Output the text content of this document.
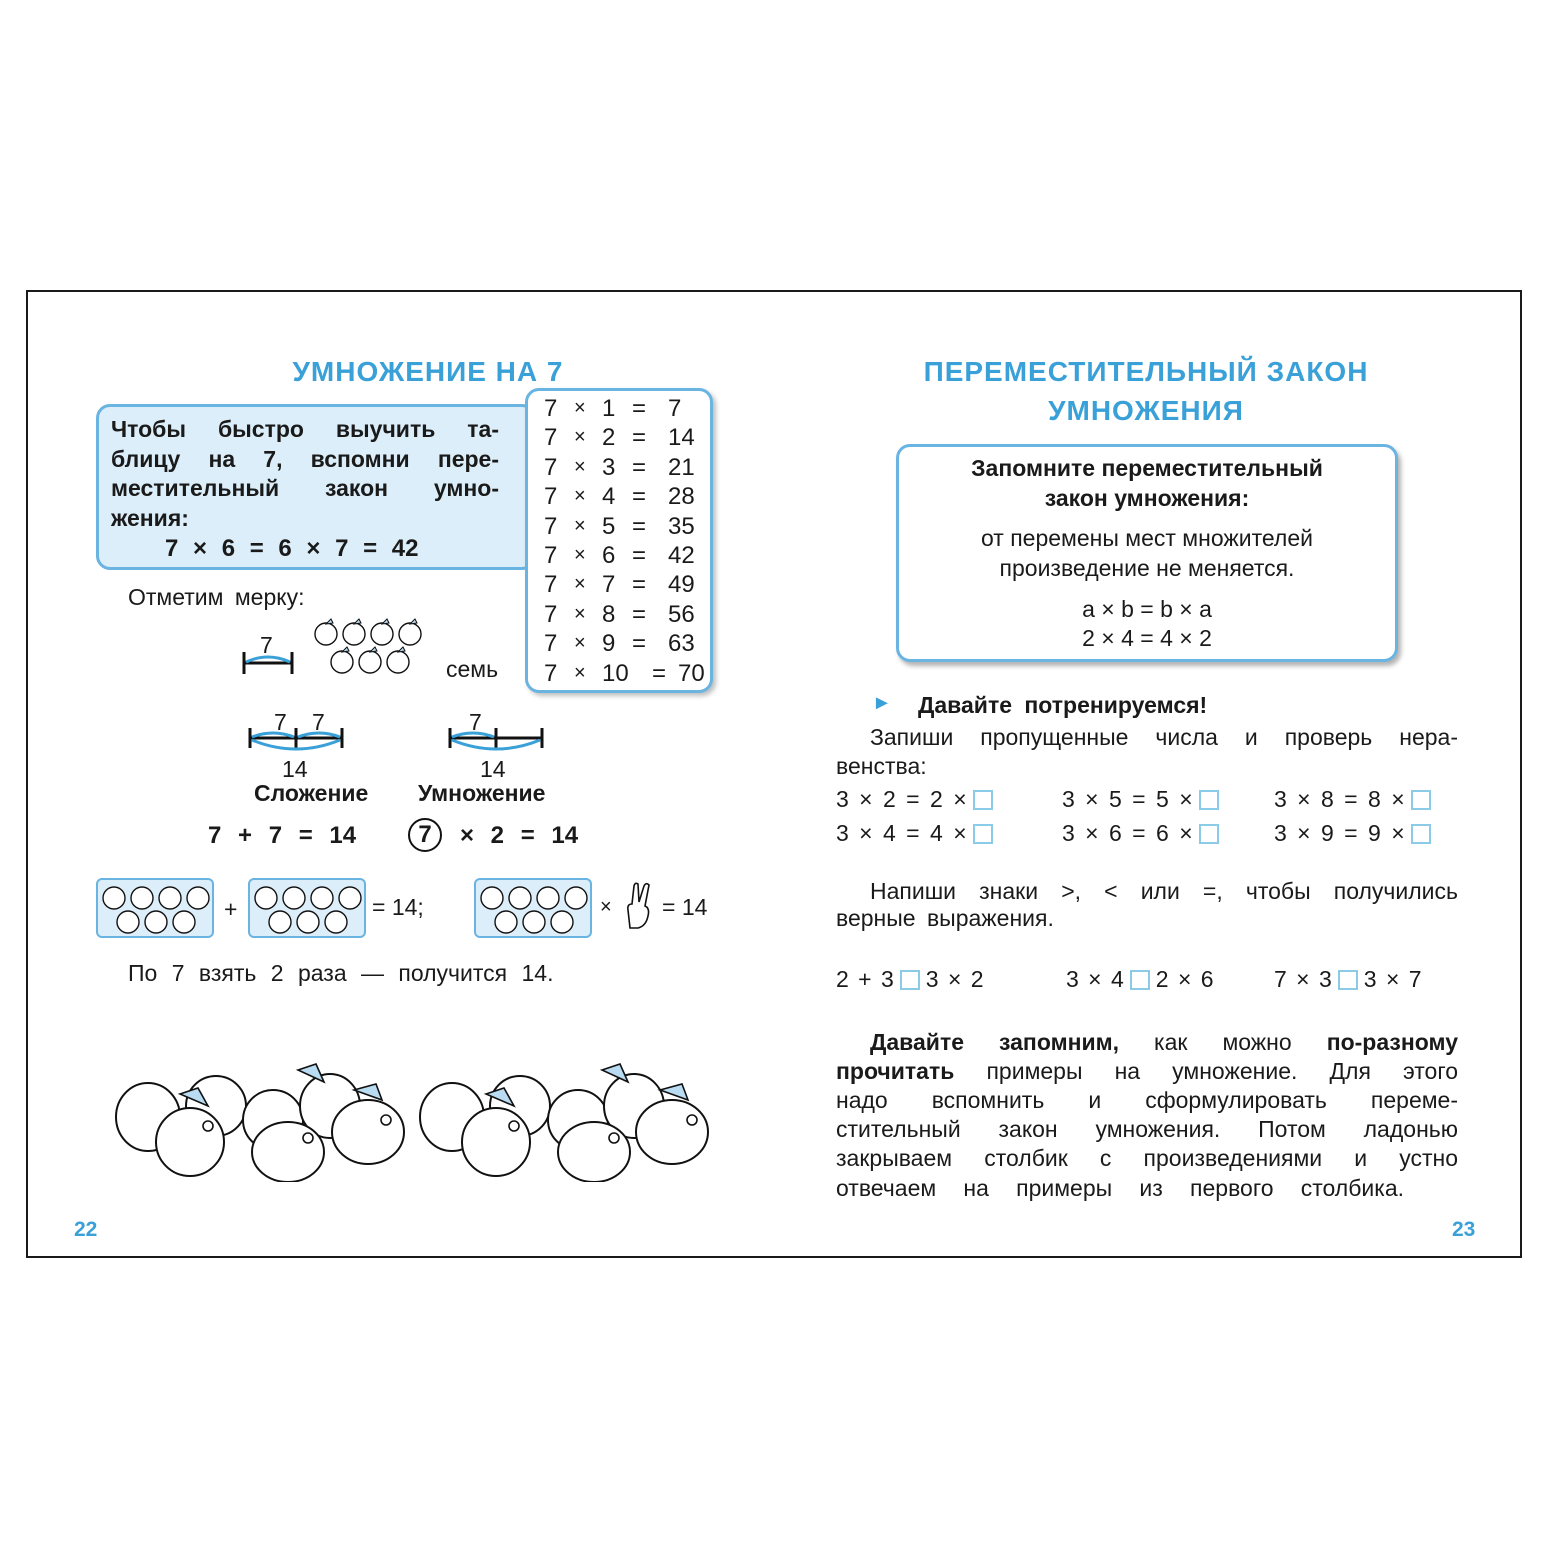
УМНОЖЕНИЕ НА 7
Чтобы быстро выучить та-
блицу на 7, вспомни пере-
местительный закон умно-
жения:
7 × 6 = 6 × 7 = 42
7 × 1 = 7
7 × 2 = 14
7 × 3 = 21
7 × 4 = 28
7 × 5 = 35
7 × 6 = 42
7 × 7 = 49
7 × 8 = 56
7 × 9 = 63
7 × 10 = 70
Отметим мерку:
7
семь
7 7
14
Сложение
7
14
Умножение
7 + 7 = 14	7	× 2 = 14
+	= 14;	× = 14
По 7 взять 2 раза — получится 14.
22
ПЕРЕМЕСТИТЕЛЬНЫЙ ЗАКОН
УМНОЖЕНИЯ
Запомните переместительный
закон умножения:
от перемены мест множителей
произведение не меняется.
a × b = b × a
2 × 4 = 4 × 2
► Давайте потренируемся!
Запиши пропущенные числа и проверь нера-
венства:
3 × 2 = 2 ×	3 × 5 = 5 ×	3 × 8 = 8 ×
3 × 4 = 4 ×	3 × 6 = 6 ×	3 × 9 = 9 ×
Напиши знаки >, < или =, чтобы получились
верные выражения.
2 + 3 3 × 2	3 × 4 2 × 6	7 × 3 3 × 7
Давайте запомним, как можно по-разному
прочитать примеры на умножение. Для этого
надо вспомнить и сформулировать переме-
стительный закон умножения. Потом ладонью
закрываем столбик с произведениями и устно
отвечаем на примеры из первого столбика.
23
